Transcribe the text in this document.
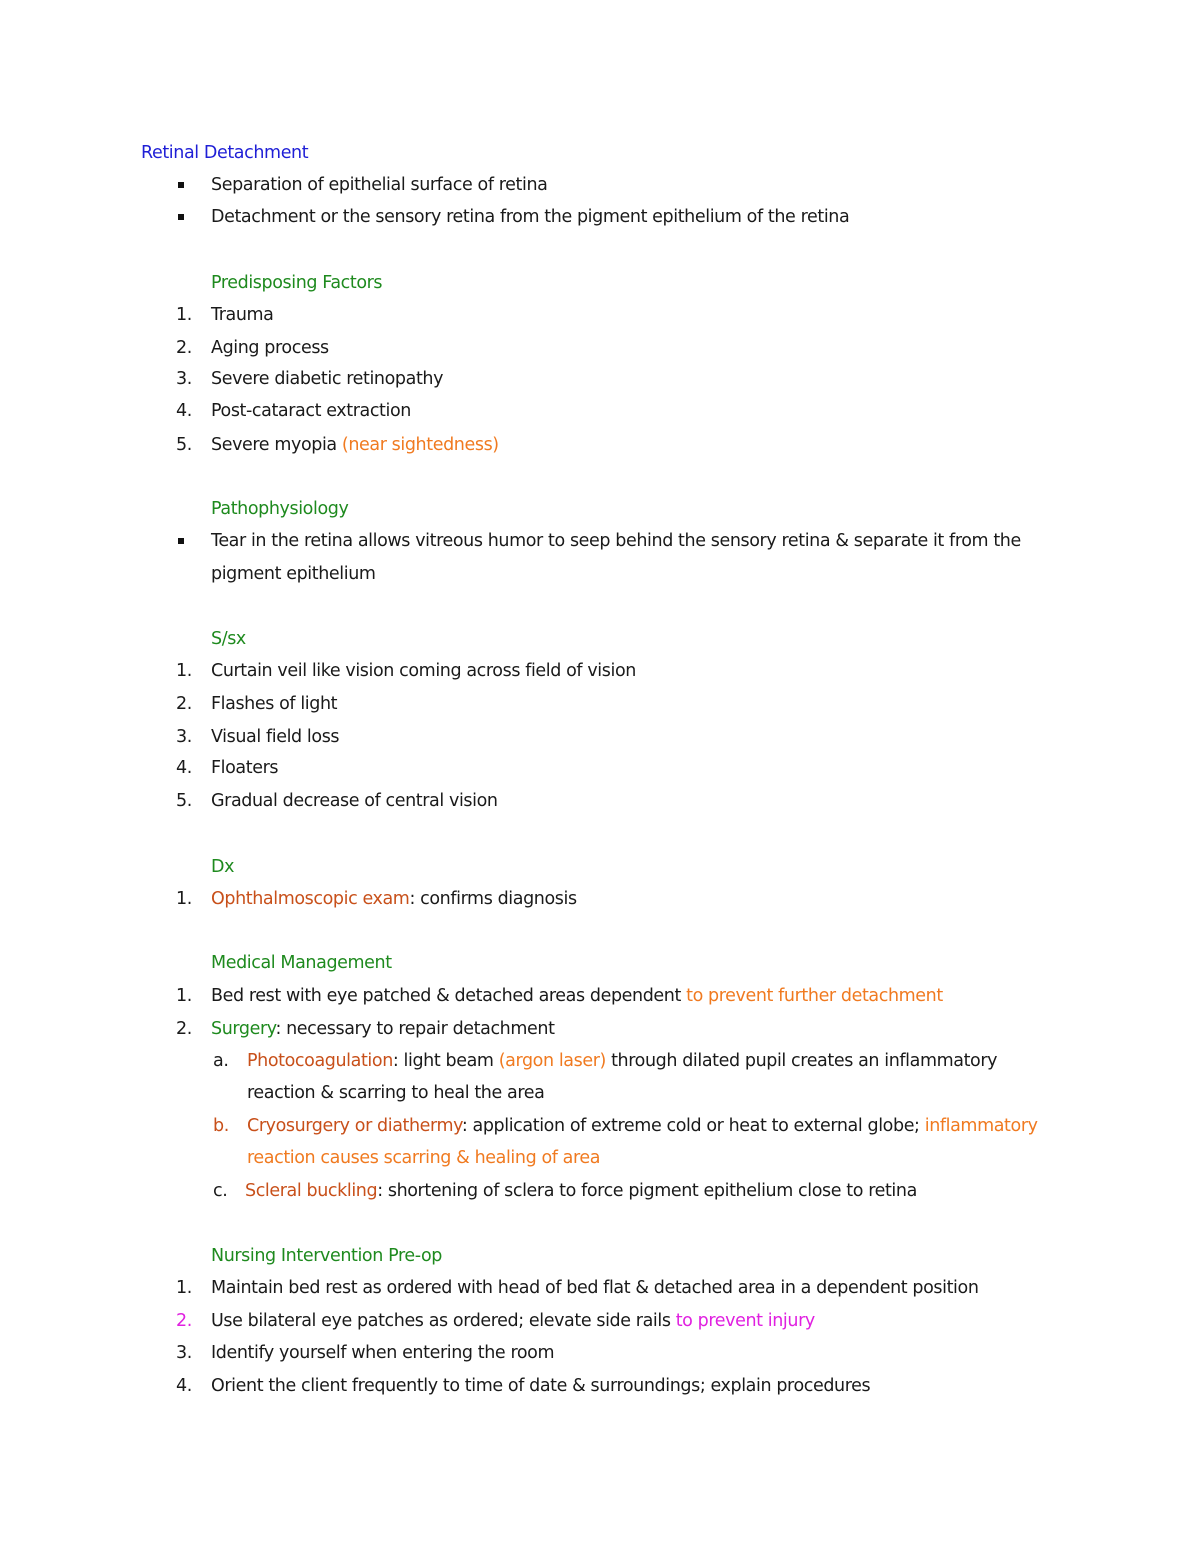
Retinal Detachment
Separation of epithelial surface of retina
Detachment or the sensory retina from the pigment epithelium of the retina
Predisposing Factors
1. Trauma
2. Aging process
3. Severe diabetic retinopathy
4. Post-cataract extraction
5. Severe myopia (near sightedness)
Pathophysiology
Tear in the retina allows vitreous humor to seep behind the sensory retina & separate it from the
pigment epithelium
S/sx
1. Curtain veil like vision coming across field of vision
2. Flashes of light
3. Visual field loss
4. Floaters
5. Gradual decrease of central vision
Dx
1. Ophthalmoscopic exam: confirms diagnosis
Medical Management
1. Bed rest with eye patched & detached areas dependent to prevent further detachment
2. Surgery: necessary to repair detachment
a. Photocoagulation: light beam (argon laser) through dilated pupil creates an inflammatory
reaction & scarring to heal the area
b. Cryosurgery or diathermy: application of extreme cold or heat to external globe; inflammatory
reaction causes scarring & healing of area
c. Scleral buckling: shortening of sclera to force pigment epithelium close to retina
Nursing Intervention Pre-op
1. Maintain bed rest as ordered with head of bed flat & detached area in a dependent position
2. Use bilateral eye patches as ordered; elevate side rails to prevent injury
3. Identify yourself when entering the room
4. Orient the client frequently to time of date & surroundings; explain procedures
